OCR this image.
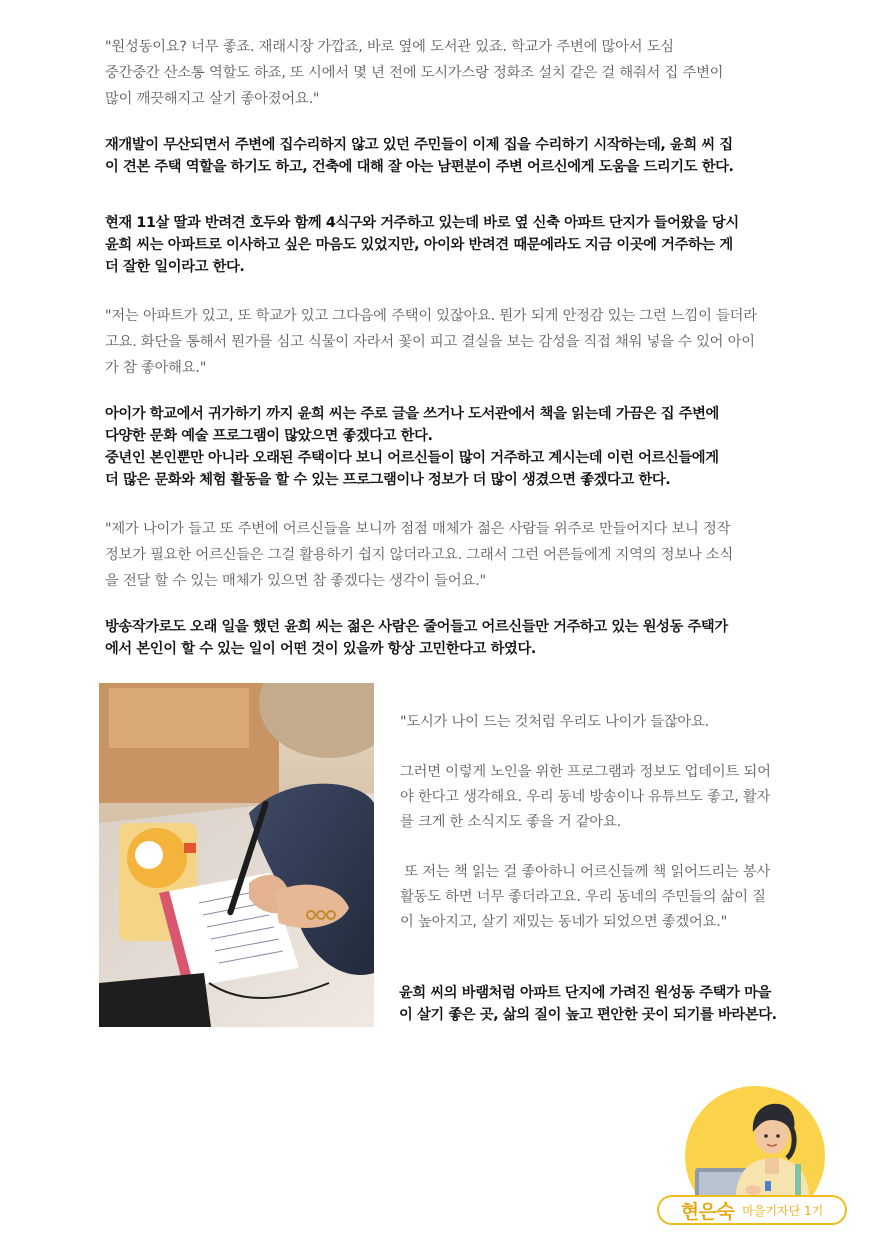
"원성동이요? 너무 좋죠. 재래시장 가깝죠, 바로 옆에 도서관 있죠. 학교가 주변에 많아서 도심
중간중간 산소통 역할도 하죠, 또 시에서 몇 년 전에 도시가스랑 정화조 설치 같은 걸 해줘서 집 주변이
많이 깨끗해지고 살기 좋아졌어요."
재개발이 무산되면서 주변에 집수리하지 않고 있던 주민들이 이제 집을 수리하기 시작하는데, 윤희 씨 집
이 견본 주택 역할을 하기도 하고, 건축에 대해 잘 아는 남편분이 주변 어르신에게 도움을 드리기도 한다.
현재 11살 딸과 반려견 호두와 함께 4식구와 거주하고 있는데 바로 옆 신축 아파트 단지가 들어왔을 당시
윤희 씨는 아파트로 이사하고 싶은 마음도 있었지만, 아이와 반려견 때문에라도 지금 이곳에 거주하는 게
더 잘한 일이라고 한다.
"저는 아파트가 있고, 또 학교가 있고 그다음에 주택이 있잖아요. 뭔가 되게 안정감 있는 그런 느낌이 들더라
고요. 화단을 통해서 뭔가를 심고 식물이 자라서 꽃이 피고 결실을 보는 감성을 직접 채워 넣을 수 있어 아이
가 참 좋아해요."
아이가 학교에서 귀가하기 까지 윤희 씨는 주로 글을 쓰거나 도서관에서 책을 읽는데 가끔은 집 주변에
다양한 문화 예술 프로그램이 많았으면 좋겠다고 한다.
중년인 본인뿐만 아니라 오래된 주택이다 보니 어르신들이 많이 거주하고 계시는데 이런 어르신들에게
더 많은 문화와 체험 활동을 할 수 있는 프로그램이나 정보가 더 많이 생겼으면 좋겠다고 한다.
"제가 나이가 들고 또 주변에 어르신들을 보니까 점점 매체가 젊은 사람들 위주로 만들어지다 보니 정작
정보가 필요한 어르신들은 그걸 활용하기 쉽지 않더라고요. 그래서 그런 어른들에게 지역의 정보나 소식
을 전달 할 수 있는 매체가 있으면 참 좋겠다는 생각이 들어요."
방송작가로도 오래 일을 했던 윤희 씨는 젊은 사람은 줄어들고 어르신들만 거주하고 있는 원성동 주택가
에서 본인이 할 수 있는 일이 어떤 것이 있을까 항상 고민한다고 하였다.
"도시가 나이 드는 것처럼 우리도 나이가 들잖아요.
그러면 이렇게 노인을 위한 프로그램과 정보도 업데이트 되어
야 한다고 생각해요. 우리 동네 방송이나 유튜브도 좋고, 활자
를 크게 한 소식지도 좋을 거 같아요.
또 저는 책 읽는 걸 좋아하니 어르신들께 책 읽어드리는 봉사
활동도 하면 너무 좋더라고요. 우리 동네의 주민들의 삶이 질
이 높아지고, 살기 재밌는 동네가 되었으면 좋겠어요."
윤희 씨의 바램처럼 아파트 단지에 가려진 원성동 주택가 마을
이 살기 좋은 곳, 삶의 질이 높고 편안한 곳이 되기를 바라본다.
현은숙 마을기자단 1기
